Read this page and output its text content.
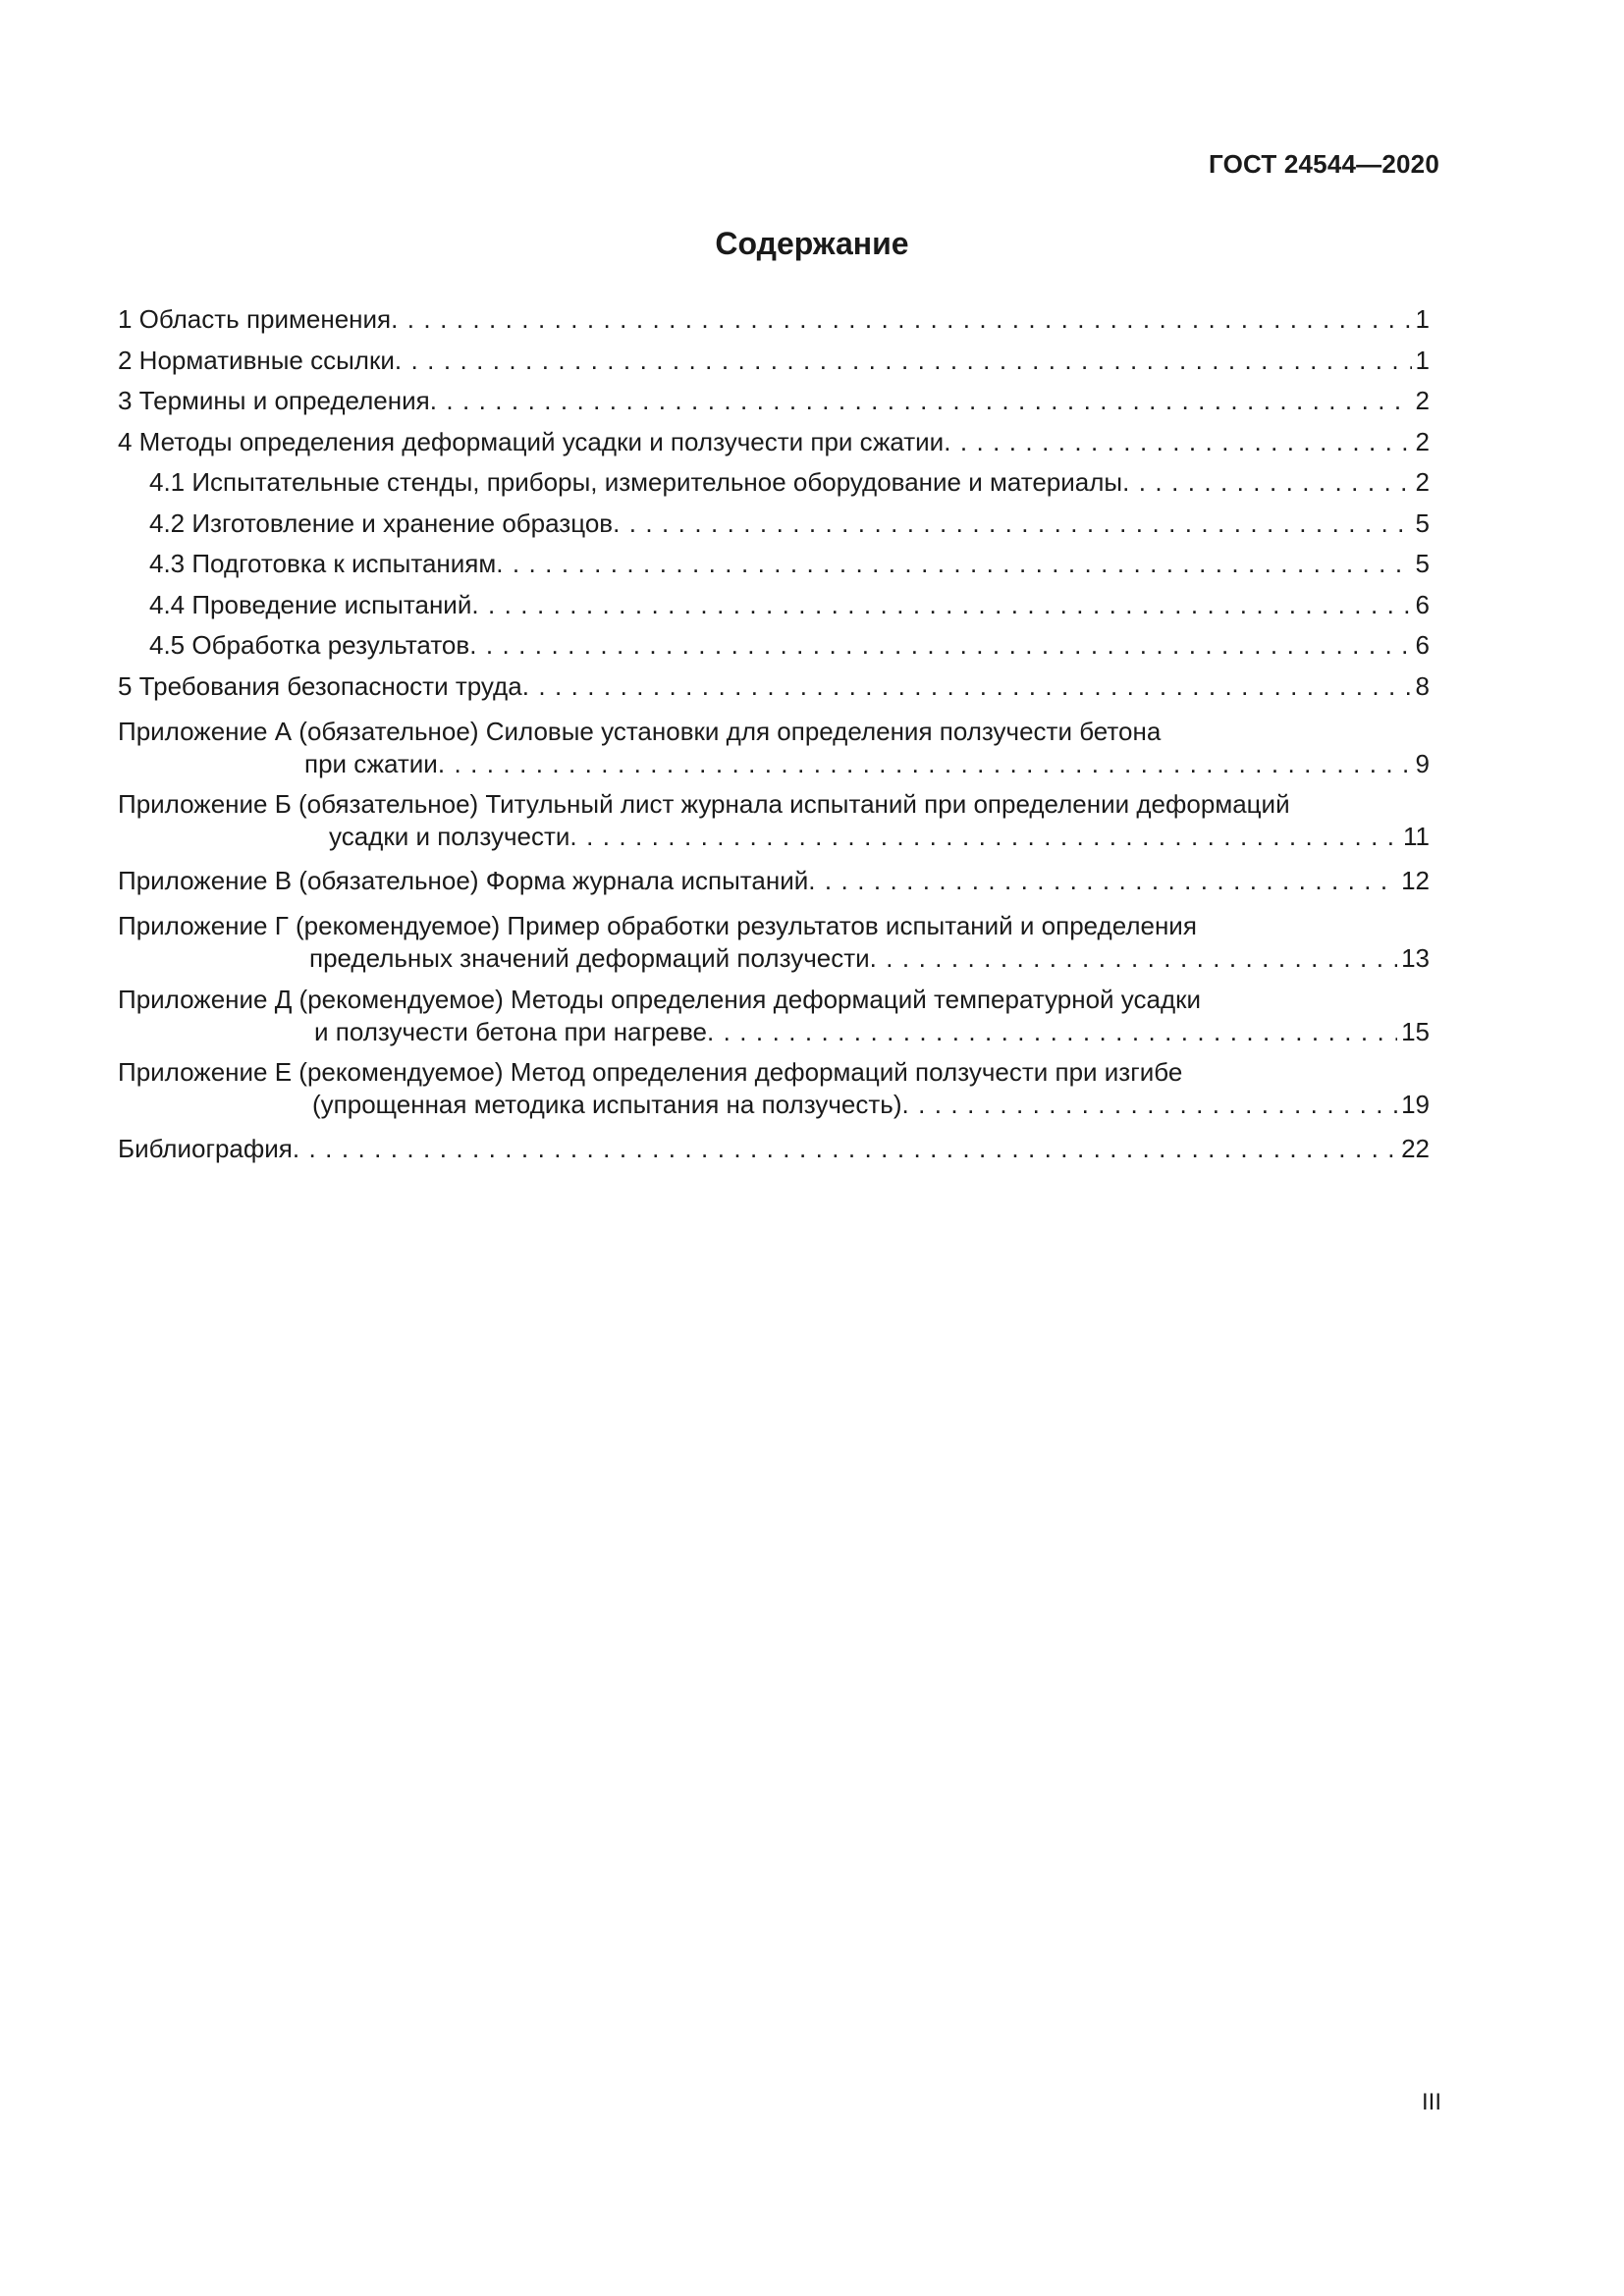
ГОСТ 24544—2020
Содержание
1 Область применения . . .	1
2 Нормативные ссылки . . .	1
3 Термины и определения . . .	2
4 Методы определения деформаций усадки и ползучести при сжатии . . .	2
4.1 Испытательные стенды, приборы, измерительное оборудование и материалы . . .	2
4.2 Изготовление и хранение образцов . . .	5
4.3 Подготовка к испытаниям . . .	5
4.4 Проведение испытаний . . .	6
4.5 Обработка результатов . . .	6
5 Требования безопасности труда . . .	8
Приложение А (обязательное) Силовые установки для определения ползучести бетона
при сжатии . . .	9
Приложение Б (обязательное) Титульный лист журнала испытаний при определении деформаций
усадки и ползучести . . .	11
Приложение В (обязательное) Форма журнала испытаний . . .	12
Приложение Г (рекомендуемое) Пример обработки результатов испытаний и определения
предельных значений деформаций ползучести . . .	13
Приложение Д (рекомендуемое) Методы определения деформаций температурной усадки
и ползучести бетона при нагреве . . .	15
Приложение Е (рекомендуемое) Метод определения деформаций ползучести при изгибе
(упрощенная методика испытания на ползучесть) . . .	19
Библиография . . .	22
III
